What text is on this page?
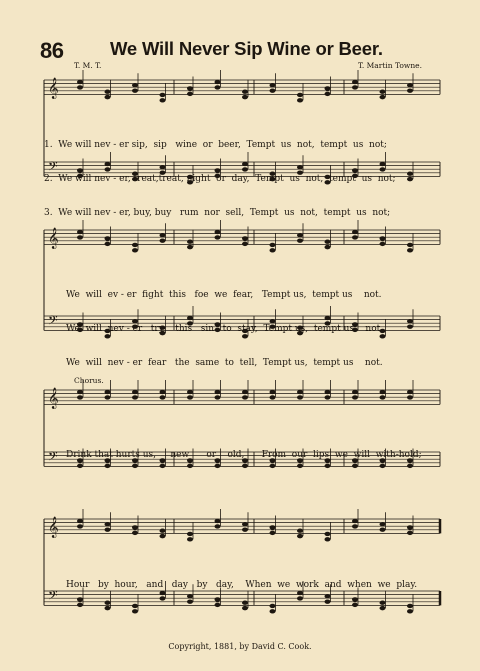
86	We Will Never Sip Wine or Beer.
T. M. T.	T. Martin Towne.
𝄞
𝄢

1.  We will nev - er sip,  sip   wine  or  beer,  Tempt  us  not,  tempt  us  not;

2.  We will nev - er, treat,treat, night  or  day,  Tempt  us  not,  tempt  us  not;

3.  We will nev - er, buy, buy   rum  nor  sell,  Tempt  us  not,  tempt  us  not;

𝄞
𝄢

We  will  ev - er  fight  this   foe  we  fear,   Tempt us,  tempt us    not.

We  will  nev - er   try    this   sin   to  stay,  Tempt us,  tempt us    not.

We  will  nev - er  fear   the  same  to  tell,  Tempt us,  tempt us    not.

Chorus.
𝄞
𝄢

Drink that hurts us,     new      or    old,      From  our  lips  we  will  with-hold;

𝄞
𝄢

Hour   by  hour,   and   day   by   day,    When  we  work  and  when  we  play.

Copyright, 1881, by David C. Cook.
